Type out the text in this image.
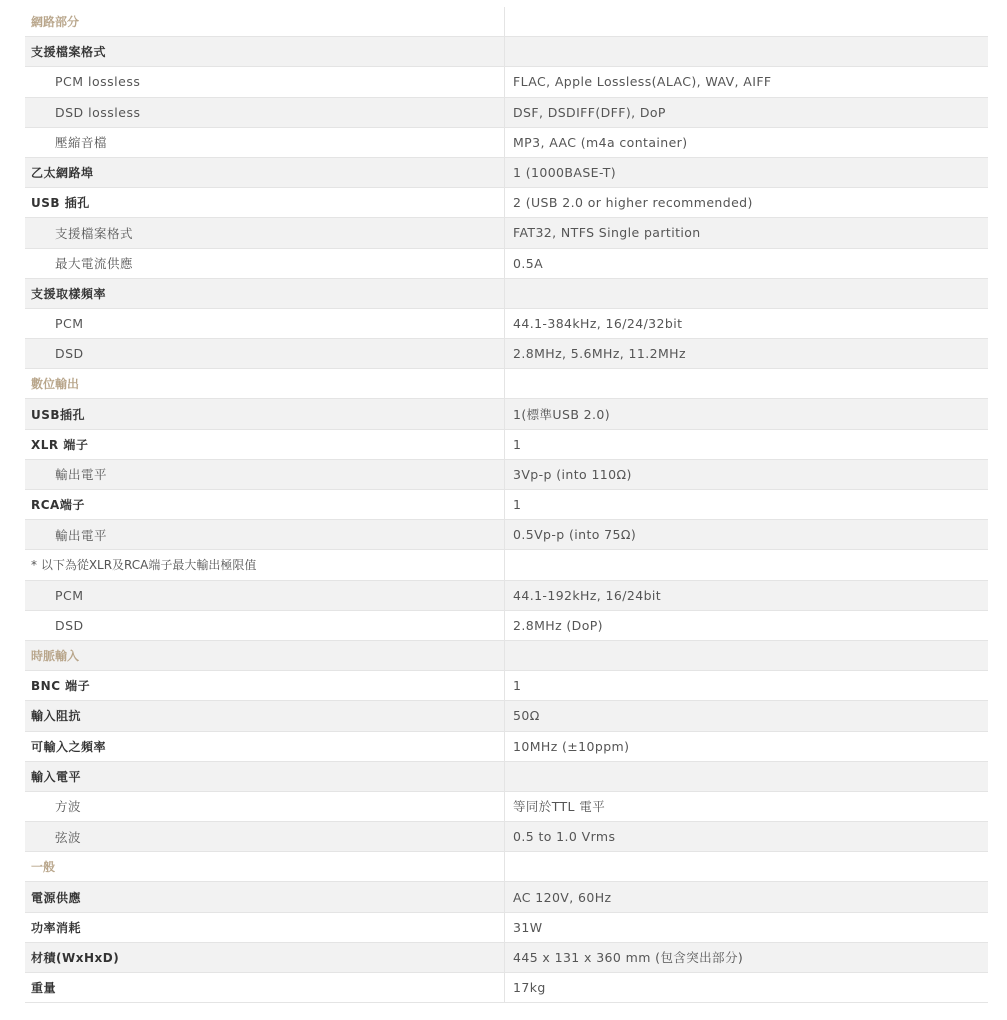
網路部分
支援檔案格式
PCM lossless	FLAC, Apple Lossless(ALAC), WAV, AIFF
DSD lossless	DSF, DSDIFF(DFF), DoP
壓縮音檔	MP3, AAC (m4a container)
乙太網路埠	1 (1000BASE-T)
USB 插孔	2 (USB 2.0 or higher recommended)
支援檔案格式	FAT32, NTFS Single partition
最大電流供應	0.5A
支援取樣頻率
PCM	44.1-384kHz, 16/24/32bit
DSD	2.8MHz, 5.6MHz, 11.2MHz
數位輸出
USB插孔	1(標準USB 2.0)
XLR 端子	1
輸出電平	3Vp-p (into 110Ω)
RCA端子	1
輸出電平	0.5Vp-p (into 75Ω)
* 以下為從XLR及RCA端子最大輸出極限值
PCM	44.1-192kHz, 16/24bit
DSD	2.8MHz (DoP)
時脈輸入
BNC 端子	1
輸入阻抗	50Ω
可輸入之頻率	10MHz (±10ppm)
輸入電平
方波	等同於TTL 電平
弦波	0.5 to 1.0 Vrms
一般
電源供應	AC 120V, 60Hz
功率消耗	31W
材積(WxHxD)	445 x 131 x 360 mm (包含突出部分)
重量	17kg
